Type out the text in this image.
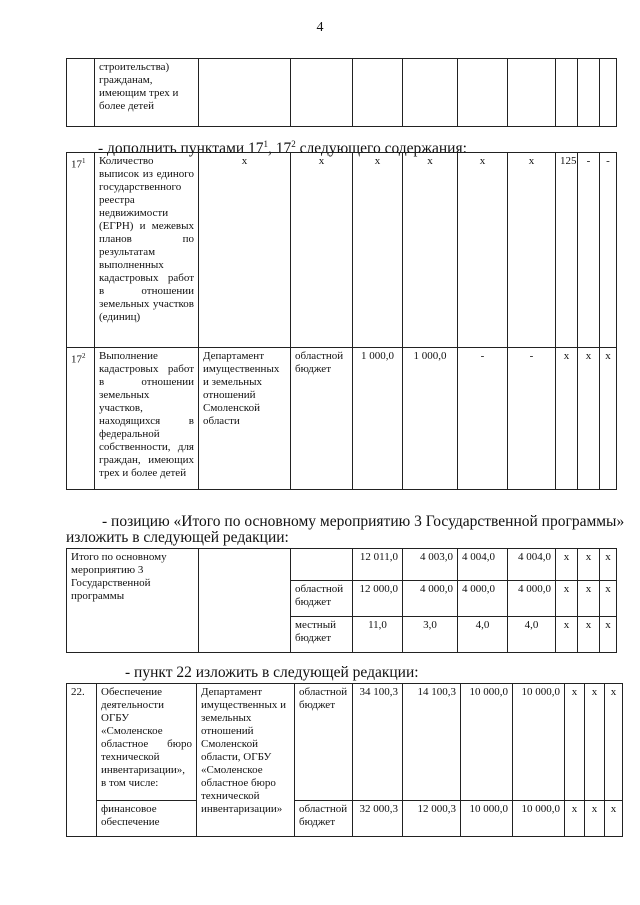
4
	строительства) гражданам, имеющим трех и более детей									
- дополнить пунктами $17^1$, $17^2$ следующего содержания:
$17^1$	Количество выписок из единого государственного реестра недвижимости (ЕГРН) и межевых планов по результатам выполненных кадастровых работ в отношении земельных участков (единиц)	х	х	х	х	х	х	125	-	-
$17^2$	Выполнение кадастровых работ в отношении земельных участков, находящихся в федеральной собственности, для граждан, имеющих трех и более детей	Департамент имущественных и земельных отношений Смоленской области	областной бюджет	1 000,0	1 000,0	-	-	х	х	х
- позицию «Итого по основному мероприятию 3 Государственной программы»
изложить в следующей редакции:
Итого по основному мероприятию 3 Государственной программы			12 011,0	4 003,0	4 004,0	4 004,0	х	х	х
		областной бюджет	12 000,0	4 000,0	4 000,0	4 000,0	х	х	х
		местный бюджет	11,0	3,0	4,0	4,0	х	х	х
- пункт 22 изложить в следующей редакции:
22.	Обеспечение деятельности ОГБУ «Смоленское областное бюро технической инвентаризации», в том числе:	Департамент имущественных и земельных отношений Смоленской области, ОГБУ «Смоленское областное бюро технической инвентаризации»	областной бюджет	34 100,3	14 100,3	10 000,0	10 000,0	х	х	х
	финансовое обеспечение		областной бюджет	32 000,3	12 000,3	10 000,0	10 000,0	х	х	х
